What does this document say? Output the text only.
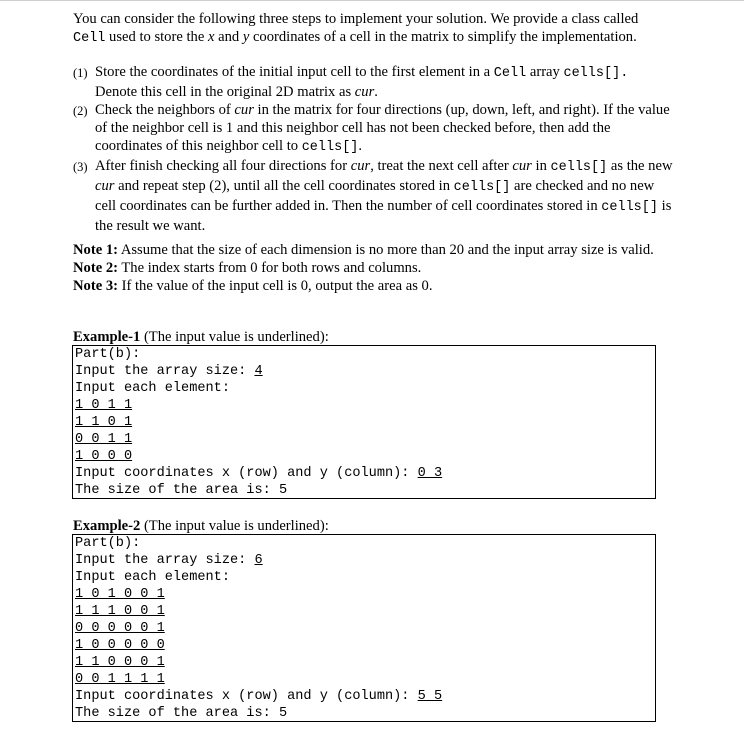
You can consider the following three steps to implement your solution. We provide a class called Cell used to store the x and y coordinates of a cell in the matrix to simplify the implementation.
(1) Store the coordinates of the initial input cell to the first element in a Cell array cells[].
Denote this cell in the original 2D matrix as cur.
(2) Check the neighbors of cur in the matrix for four directions (up, down, left, and right). If the value of the neighbor cell is 1 and this neighbor cell has not been checked before, then add the coordinates of this neighbor cell to cells[].
(3) After finish checking all four directions for cur, treat the next cell after cur in cells[] as the new cur and repeat step (2), until all the cell coordinates stored in cells[] are checked and no new cell coordinates can be further added in. Then the number of cell coordinates stored in cells[] is the result we want.
Note 1: Assume that the size of each dimension is no more than 20 and the input array size is valid.
Note 2: The index starts from 0 for both rows and columns.
Note 3: If the value of the input cell is 0, output the area as 0.
Example-1 (The input value is underlined):
Part(b):
Input the array size: 4
Input each element:
1 0 1 1
1 1 0 1
0 0 1 1
1 0 0 0
Input coordinates x (row) and y (column): 0 3
The size of the area is: 5
Example-2 (The input value is underlined):
Part(b):
Input the array size: 6
Input each element:
1 0 1 0 0 1
1 1 1 0 0 1
0 0 0 0 0 1
1 0 0 0 0 0
1 1 0 0 0 1
0 0 1 1 1 1
Input coordinates x (row) and y (column): 5 5
The size of the area is: 5
